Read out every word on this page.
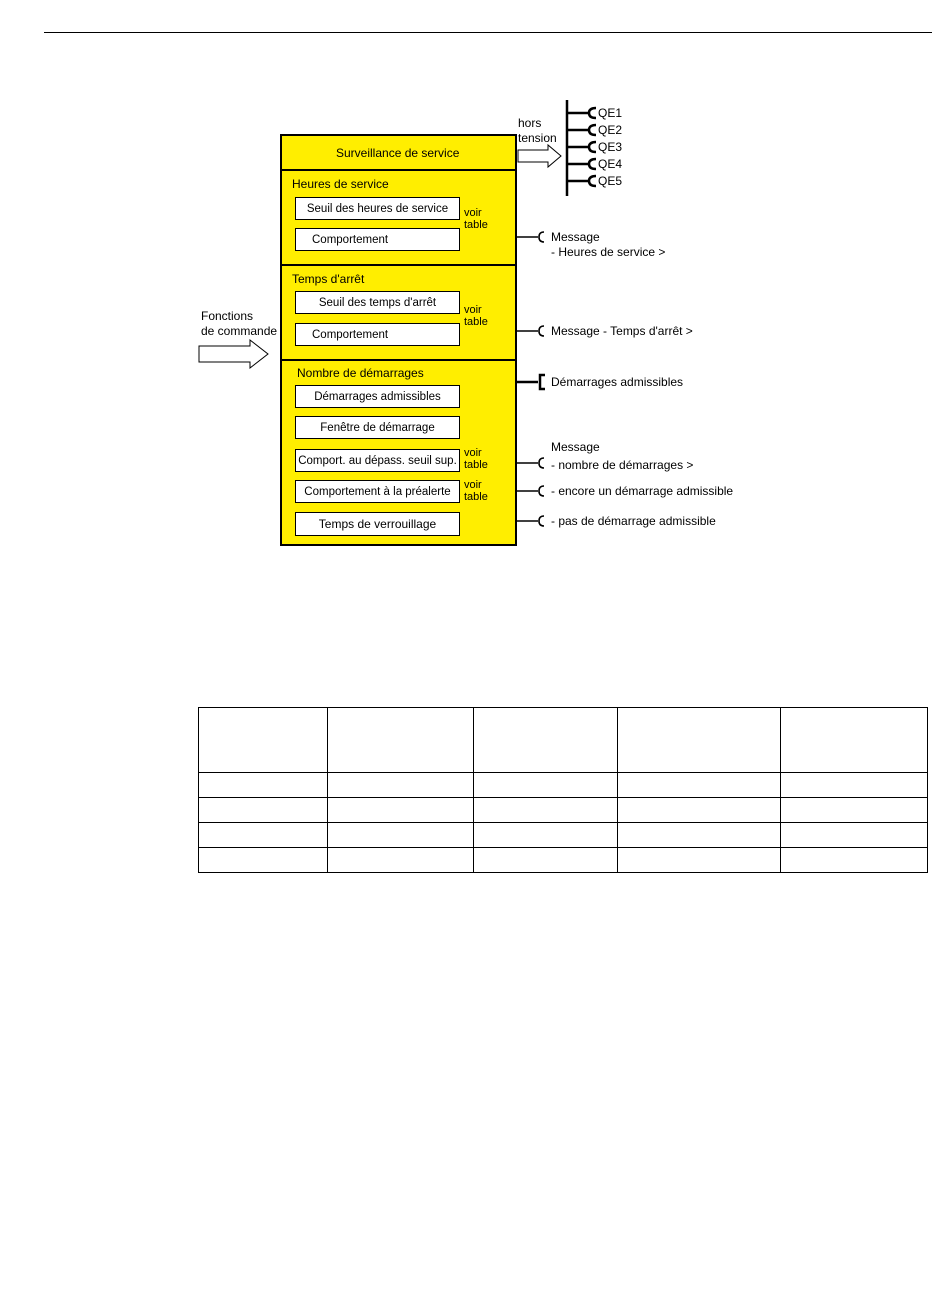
Surveillance de service
Fonctions
de commande
hors
tension
QE1
QE2
QE3
QE4
QE5
Heures de service
Seuil des heures de service
Comportement
voir
table
Message
- Heures de service >
Temps d'arrêt
Seuil des temps d'arrêt
Comportement
voir
table
Message - Temps d'arrêt >
Nombre de démarrages
Démarrages admissibles
Fenêtre de démarrage
Comport. au dépass. seuil sup.
Comportement à la préalerte
Temps de verrouillage
voir
table
voir
table
Démarrages admissibles
Message
- nombre de démarrages >
- encore un démarrage admissible
- pas de démarrage admissible
